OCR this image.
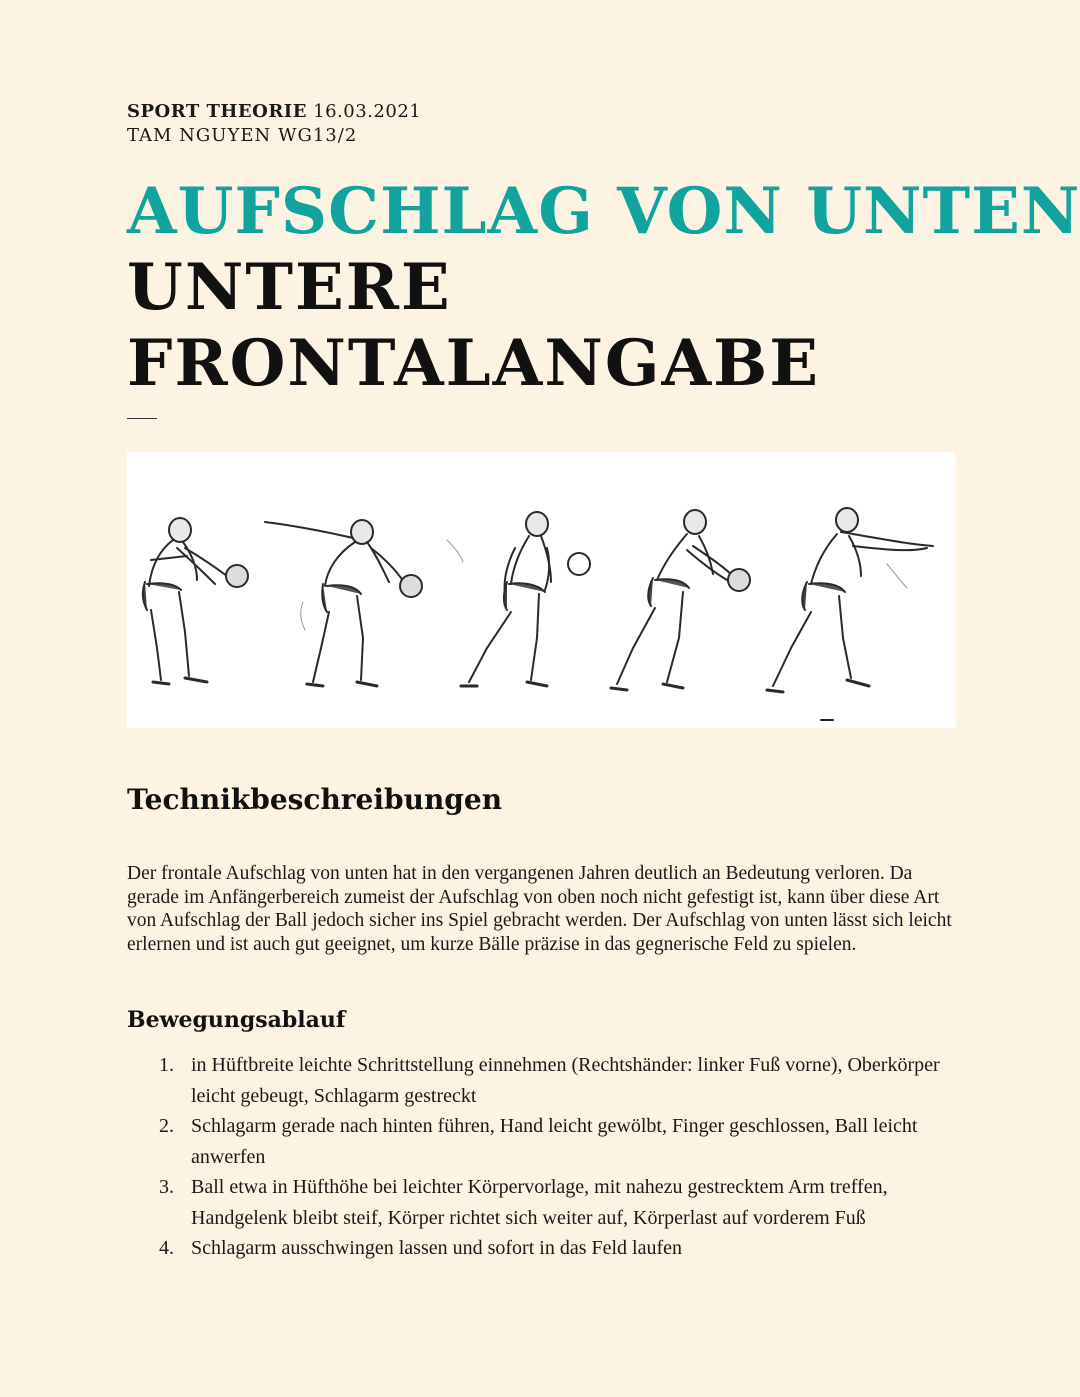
SPORT THEORIE 16.03.2021
TAM NGUYEN WG13/2
AUFSCHLAG VON UNTEN
UNTERE
FRONTALANGABE
Technikbeschreibungen
Der frontale Aufschlag von unten hat in den vergangenen Jahren deutlich an Bedeutung verloren. Da gerade im Anfängerbereich zumeist der Aufschlag von oben noch nicht gefestigt ist, kann über diese Art von Aufschlag der Ball jedoch sicher ins Spiel gebracht werden. Der Aufschlag von unten lässt sich leicht erlernen und ist auch gut geeignet, um kurze Bälle präzise in das gegnerische Feld zu spielen.
Bewegungsablauf
1. in Hüftbreite leichte Schrittstellung einnehmen (Rechtshänder: linker Fuß vorne), Oberkörper leicht gebeugt, Schlagarm gestreckt
2. Schlagarm gerade nach hinten führen, Hand leicht gewölbt, Finger geschlossen, Ball leicht anwerfen
3. Ball etwa in Hüfthöhe bei leichter Körpervorlage, mit nahezu gestrecktem Arm treffen, Handgelenk bleibt steif, Körper richtet sich weiter auf, Körperlast auf vorderem Fuß
4. Schlagarm ausschwingen lassen und sofort in das Feld laufen
